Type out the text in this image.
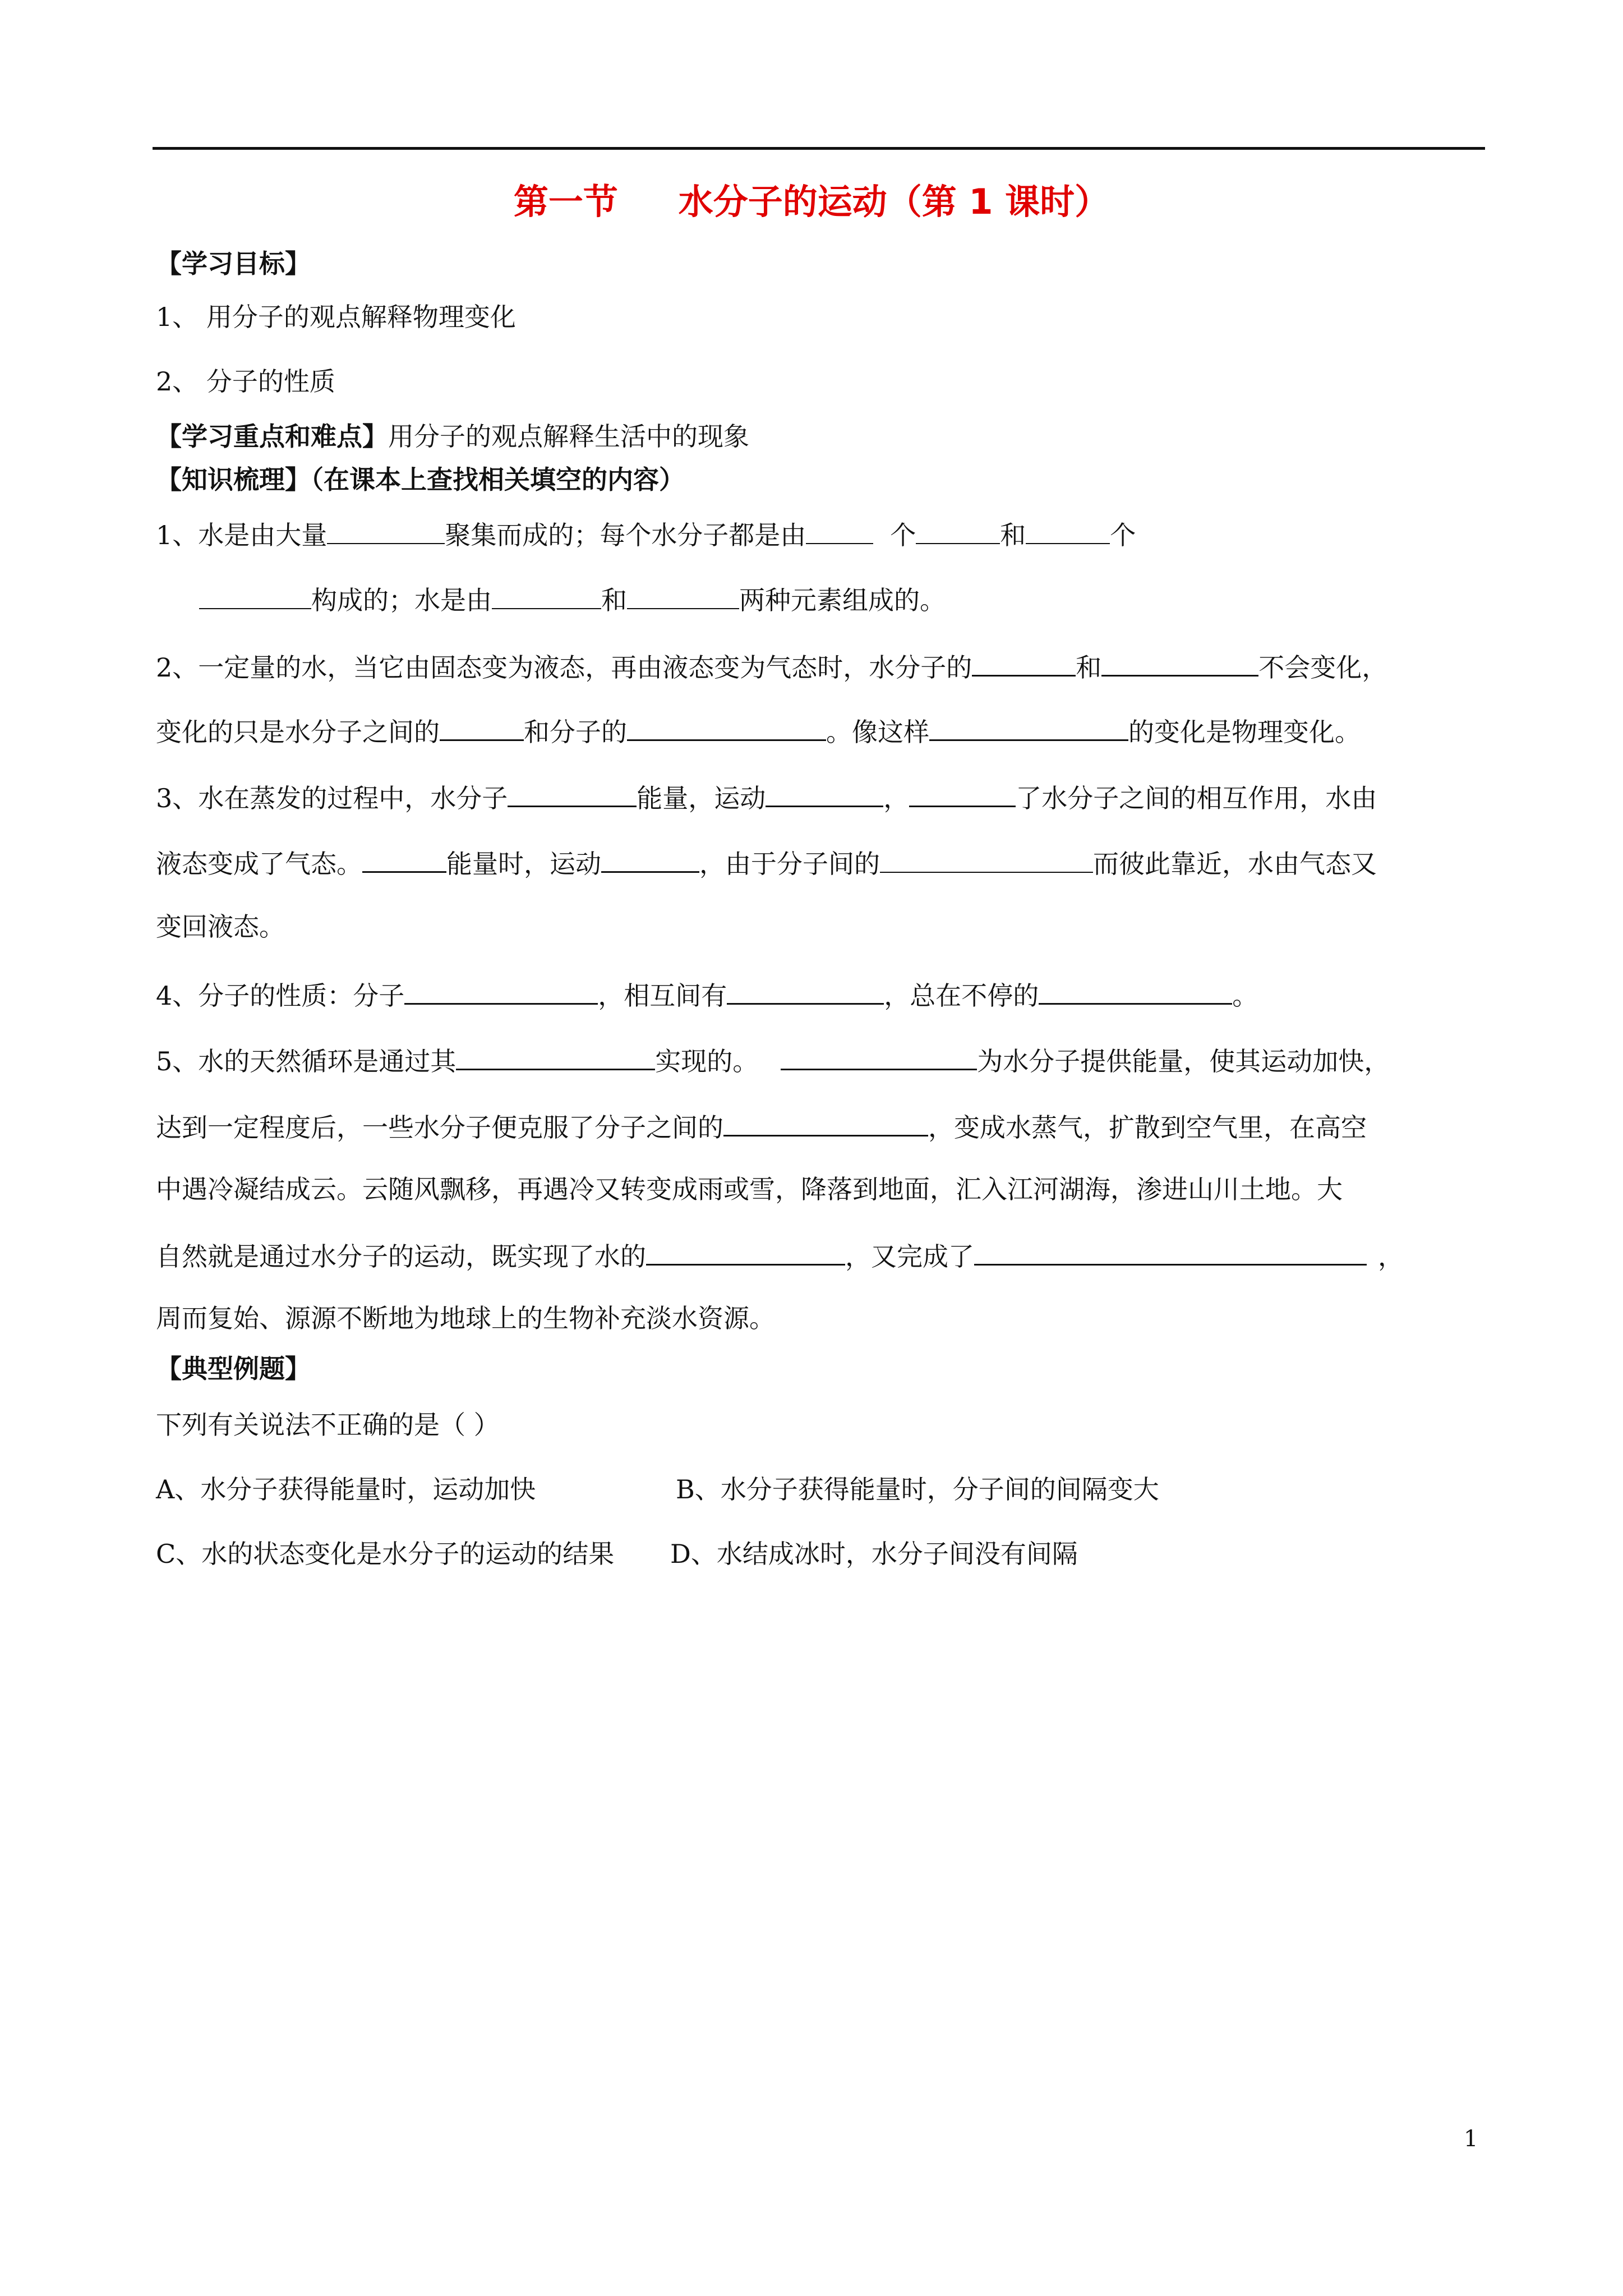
第一节     水分子的运动（第 1 课时）
【学习目标】
1、 用分子的观点解释物理变化
2、 分子的性质
【学习重点和难点】用分子的观点解释生活中的现象
【知识梳理】（在课本上查找相关填空的内容）
1、水是由大量	聚集而成的；每个水分子都是由	个	和	个
构成的；水是由	和	两种元素组成的。
2、一定量的水，当它由固态变为液态，再由液态变为气态时，水分子的	和	不会变化，
变化的只是水分子之间的	和分子的	。像这样	的变化是物理变化。
3、水在蒸发的过程中，水分子	能量，运动	，	了水分子之间的相互作用，水由
液态变成了气态。	能量时，运动	，由于分子间的	而彼此靠近，水由气态又
变回液态。
4、分子的性质：分子	，相互间有	，总在不停的	。
5、水的天然循环是通过其	实现的。	为水分子提供能量，使其运动加快，
达到一定程度后，一些水分子便克服了分子之间的	，变成水蒸气，扩散到空气里，在高空
中遇冷凝结成云。云随风飘移，再遇冷又转变成雨或雪，降落到地面，汇入江河湖海，渗进山川土地。大
自然就是通过水分子的运动，既实现了水的	，又完成了	，
周而复始、源源不断地为地球上的生物补充淡水资源。
【典型例题】
下列有关说法不正确的是（ ）
A、水分子获得能量时，运动加快	B、水分子获得能量时，分子间的间隔变大
C、水的状态变化是水分子的运动的结果 D、水结成冰时，水分子间没有间隔
1
